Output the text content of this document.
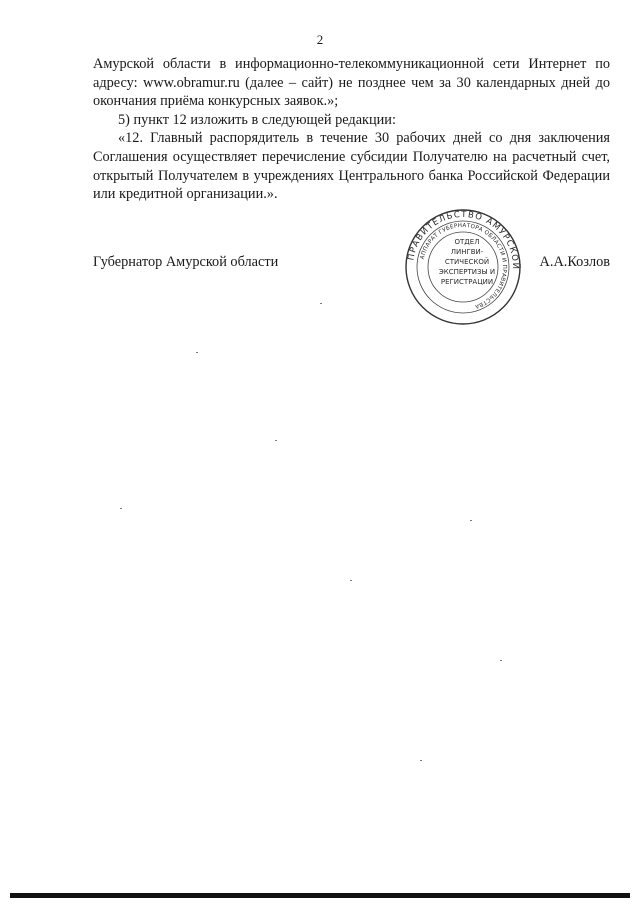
2

Амурской области в информационно-телекоммуникационной сети Интернет по адресу: www.obramur.ru (далее – сайт) не позднее чем за 30 календарных дней до окончания приёма конкурсных заявок.»;

5) пункт 12 изложить в следующей редакции:

«12. Главный распорядитель в течение 30 рабочих дней со дня заключения Соглашения осуществляет перечисление субсидии Получателю на расчетный счет, открытый Получателем в учреждениях Центрального банка Российской Федерации или кредитной организации.».

Губернатор Амурской области	А.А.Козлов
ПРАВИТЕЛЬСТВО АМУРСКОЙ
АППАРАТ ГУБЕРНАТОРА ОБЛАСТИ И ПРАВИТЕЛЬСТВА
ОТДЕЛ
ЛИНГВИ-
СТИЧЕСКОЙ
ЭКСПЕРТИЗЫ И
РЕГИСТРАЦИИ
